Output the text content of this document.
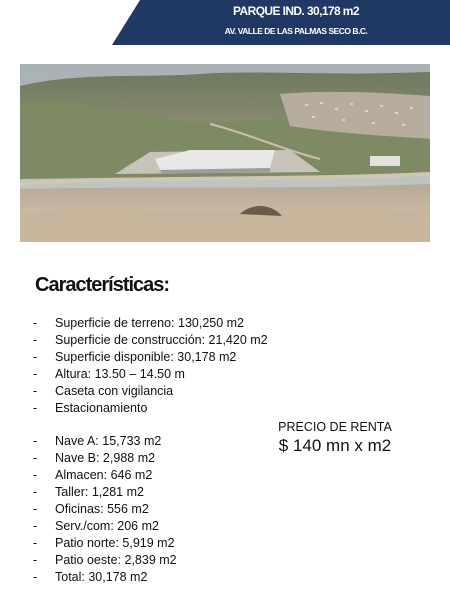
PARQUE IND. 30,178 m2
AV. VALLE DE LAS PALMAS SECO B.C.
Características:
- Superficie de terreno: 130,250 m2
- Superficie de construcción: 21,420 m2
- Superficie disponible: 30,178 m2
- Altura: 13.50 – 14.50 m
- Caseta con vigilancia
- Estacionamiento
- Nave A: 15,733 m2
- Nave B: 2,988 m2
- Almacen: 646 m2
- Taller: 1,281 m2
- Oficinas: 556 m2
- Serv./com: 206 m2
- Patio norte: 5,919 m2
- Patio oeste: 2,839 m2
- Total: 30,178 m2
PRECIO DE RENTA
$ 140 mn x m2
